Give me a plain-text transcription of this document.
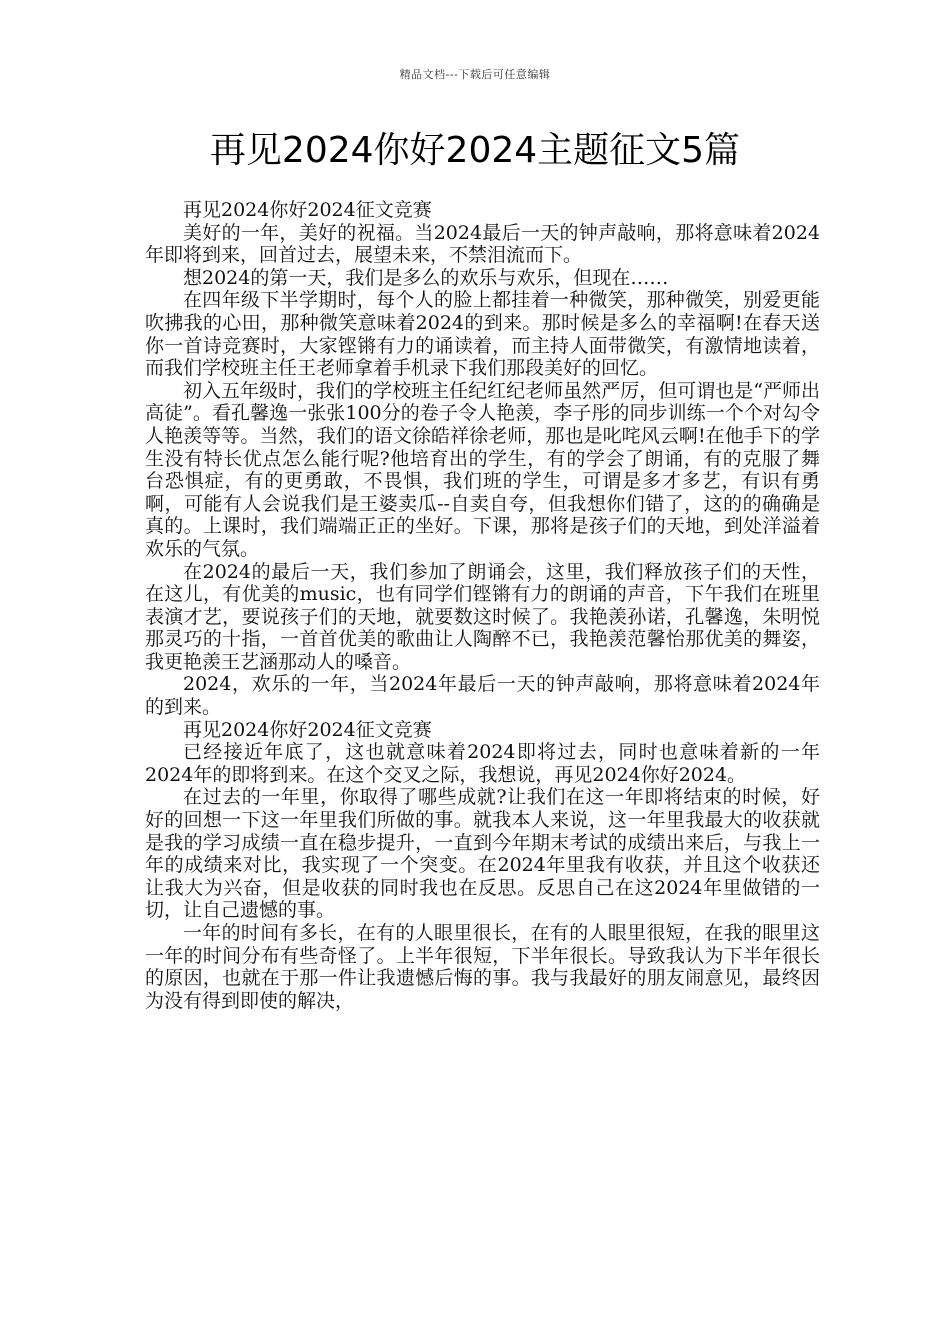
精品文档---下载后可任意编辑
再见2024你好2024主题征文5篇

再见2024你好2024征文竞赛

美好的一年，美好的祝福。当2024最后一天的钟声敲响，那将意味着2024年即将到来，回首过去，展望未来，不禁泪流而下。

想2024的第一天，我们是多么的欢乐与欢乐，但现在……

在四年级下半学期时，每个人的脸上都挂着一种微笑，那种微笑，别爱更能吹拂我的心田，那种微笑意味着2024的到来。那时候是多么的幸福啊!在春天送你一首诗竞赛时，大家铿锵有力的诵读着，而主持人面带微笑，有激情地读着，而我们学校班主任王老师拿着手机录下我们那段美好的回忆。

初入五年级时，我们的学校班主任纪红纪老师虽然严厉，但可谓也是“严师出高徒”。看孔馨逸一张张100分的卷子令人艳羡，李子彤的同步训练一个个对勾令人艳羡等等。当然，我们的语文徐皓祥徐老师，那也是叱咤风云啊!在他手下的学生没有特长优点怎么能行呢?他培育出的学生，有的学会了朗诵，有的克服了舞台恐惧症，有的更勇敢，不畏惧，我们班的学生，可谓是多才多艺，有识有勇啊，可能有人会说我们是王婆卖瓜--自卖自夸，但我想你们错了，这的的确确是真的。上课时，我们端端正正的坐好。下课，那将是孩子们的天地，到处洋溢着欢乐的气氛。

在2024的最后一天，我们参加了朗诵会，这里，我们释放孩子们的天性，在这儿，有优美的music，也有同学们铿锵有力的朗诵的声音，下午我们在班里表演才艺，要说孩子们的天地，就要数这时候了。我艳羡孙诺，孔馨逸，朱明悦那灵巧的十指，一首首优美的歌曲让人陶醉不已，我艳羡范馨怡那优美的舞姿，我更艳羡王艺涵那动人的嗓音。

2024，欢乐的一年，当2024年最后一天的钟声敲响，那将意味着2024年的到来。

再见2024你好2024征文竞赛

已经接近年底了，这也就意味着2024即将过去，同时也意味着新的一年2024年的即将到来。在这个交叉之际，我想说，再见2024你好2024。

在过去的一年里，你取得了哪些成就?让我们在这一年即将结束的时候，好好的回想一下这一年里我们所做的事。就我本人来说，这一年里我最大的收获就是我的学习成绩一直在稳步提升，一直到今年期末考试的成绩出来后，与我上一年的成绩来对比，我实现了一个突变。在2024年里我有收获，并且这个收获还让我大为兴奋，但是收获的同时我也在反思。反思自己在这2024年里做错的一切，让自己遗憾的事。

一年的时间有多长，在有的人眼里很长，在有的人眼里很短，在我的眼里这一年的时间分布有些奇怪了。上半年很短，下半年很长。导致我认为下半年很长的原因，也就在于那一件让我遗憾后悔的事。我与我最好的朋友闹意见，最终因为没有得到即使的解决，
